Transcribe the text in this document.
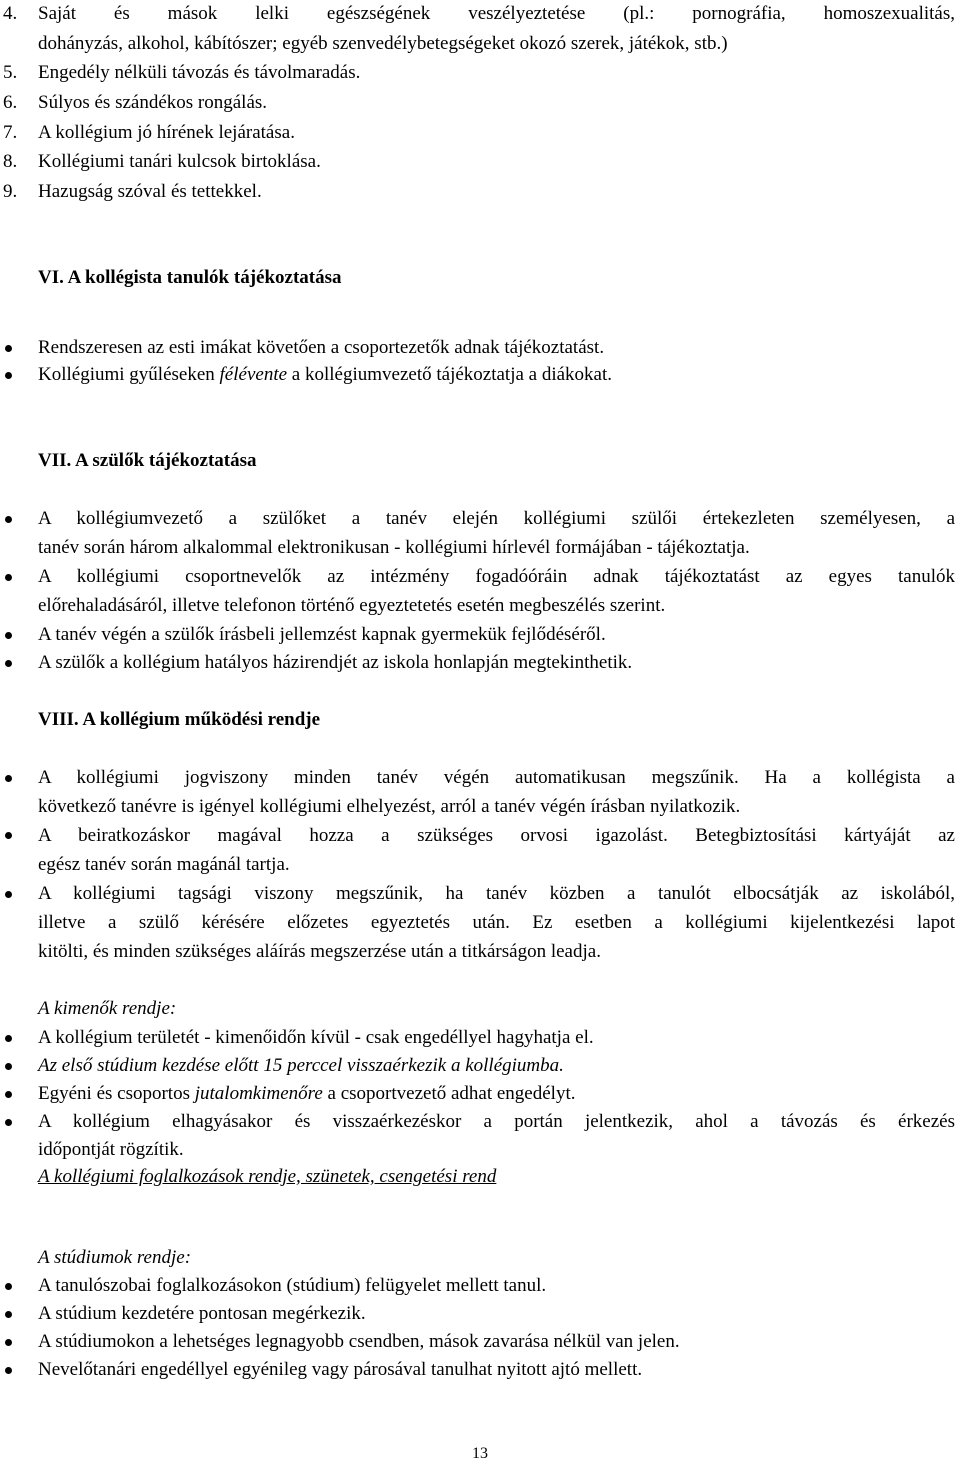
4. Saját és mások lelki egészségének veszélyeztetése (pl.: pornográfia, homoszexualitás,
dohányzás, alkohol, kábítószer; egyéb szenvedélybetegségeket okozó szerek, játékok, stb.)
5. Engedély nélküli távozás és távolmaradás.
6. Súlyos és szándékos rongálás.
7. A kollégium jó hírének lejáratása.
8. Kollégiumi tanári kulcsok birtoklása.
9. Hazugság szóval és tettekkel.
VI. A kollégista tanulók tájékoztatása
Rendszeresen az esti imákat követően a csoportezetők adnak tájékoztatást.
Kollégiumi gyűléseken félévente a kollégiumvezető tájékoztatja a diákokat.
VII. A szülők tájékoztatása
A kollégiumvezető a szülőket a tanév elején kollégiumi szülői értekezleten személyesen, a
tanév során három alkalommal elektronikusan - kollégiumi hírlevél formájában - tájékoztatja.
A kollégiumi csoportnevelők az intézmény fogadóóráin adnak tájékoztatást az egyes tanulók
előrehaladásáról, illetve telefonon történő egyeztetetés esetén megbeszélés szerint.
A tanév végén a szülők írásbeli jellemzést kapnak gyermekük fejlődéséről.
A szülők a kollégium hatályos házirendjét az iskola honlapján megtekinthetik.
VIII. A kollégium működési rendje
A kollégiumi jogviszony minden tanév végén automatikusan megszűnik. Ha a kollégista a
következő tanévre is igényel kollégiumi elhelyezést, arról a tanév végén írásban nyilatkozik.
A beiratkozáskor magával hozza a szükséges orvosi igazolást. Betegbiztosítási kártyáját az
egész tanév során magánál tartja.
A kollégiumi tagsági viszony megszűnik, ha tanév közben a tanulót elbocsátják az iskolából,
illetve a szülő kérésére előzetes egyeztetés után. Ez esetben a kollégiumi kijelentkezési lapot
kitölti, és minden szükséges aláírás megszerzése után a titkárságon leadja.
A kimenők rendje:
A kollégium területét - kimenőidőn kívül - csak engedéllyel hagyhatja el.
Az első stúdium kezdése előtt 15 perccel visszaérkezik a kollégiumba.
Egyéni és csoportos jutalomkimenőre a csoportvezető adhat engedélyt.
A kollégium elhagyásakor és visszaérkezéskor a portán jelentkezik, ahol a távozás és érkezés
időpontját rögzítik.
A kollégiumi foglalkozások rendje, szünetek, csengetési rend
A stúdiumok rendje:
A tanulószobai foglalkozásokon (stúdium) felügyelet mellett tanul.
A stúdium kezdetére pontosan megérkezik.
A stúdiumokon a lehetséges legnagyobb csendben, mások zavarása nélkül van jelen.
Nevelőtanári engedéllyel egyénileg vagy párosával tanulhat nyitott ajtó mellett.
13
